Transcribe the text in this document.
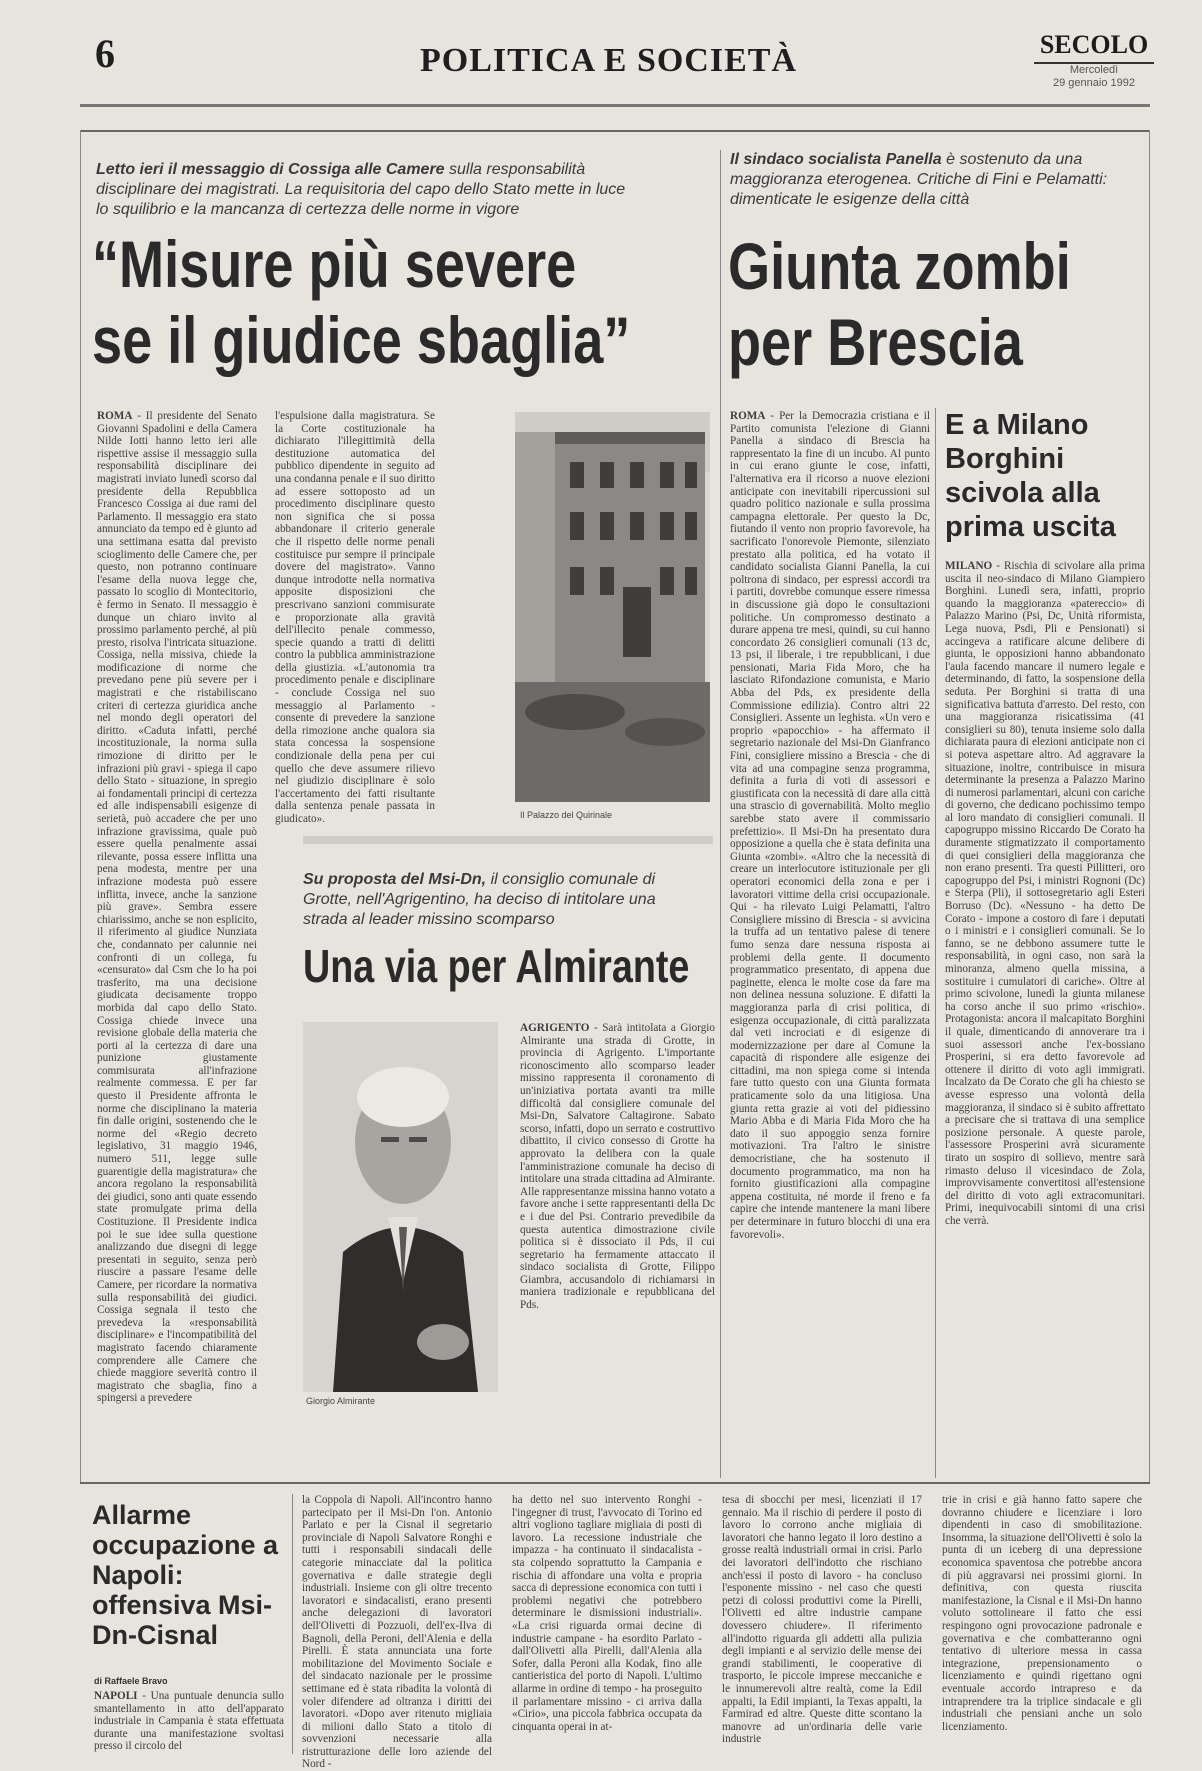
6	POLITICA E SOCIETÀ	SECOLO
Mercoledì
29 gennaio 1992
Letto ieri il messaggio di Cossiga alle Camere sulla responsabilità disciplinare dei magistrati. La requisitoria del capo dello Stato mette in luce lo squilibrio e la mancanza di certezza delle norme in vigore
“Misure più severe
se il giudice sbaglia”

ROMA - Il presidente del Senato Giovanni Spadolini e della Camera Nilde Iotti hanno letto ieri alle rispettive assise il messaggio sulla responsabilità disciplinare dei magistrati inviato lunedì scorso dal presidente della Repubblica Francesco Cossiga ai due rami del Parlamento. Il messaggio era stato annunciato da tempo ed è giunto ad una settimana esatta dal previsto scioglimento delle Camere che, per questo, non potranno continuare l'esame della nuova legge che, passato lo scoglio di Montecitorio, è fermo in Senato. Il messaggio è dunque un chiaro invito al prossimo parlamento perché, al più presto, risolva l'intricata situazione. Cossiga, nella missiva, chiede la modificazione di norme che prevedano pene più severe per i magistrati e che ristabiliscano criteri di certezza giuridica anche nel mondo degli operatori del diritto. «Caduta infatti, perché incostituzionale, la norma sulla rimozione di diritto per le infrazioni più gravi - spiega il capo dello Stato - situazione, in spregio ai fondamentali principi di certezza ed alle indispensabili esigenze di serietà, può accadere che per uno infrazione gravissima, quale può essere quella penalmente assai rilevante, possa essere inflitta una pena modesta, mentre per una infrazione modesta può essere inflitta, invece, anche la sanzione più grave». Sembra essere chiarissimo, anche se non esplicito, il riferimento al giudice Nunziata che, condannato per calunnie nei confronti di un collega, fu «censurato» dal Csm che lo ha poi trasferito, ma una decisione giudicata decisamente troppo morbida dal capo dello Stato. Cossiga chiede invece una revisione globale della materia che porti al la certezza di dare una punizione giustamente commisurata all'infrazione realmente commessa. E per far questo il Presidente affronta le norme che disciplinano la materia fin dalle origini, sostenendo che le norme del «Regio decreto legislativo, 31 maggio 1946, numero 511, legge sulle guarentigie della magistratura» che ancora regolano la responsabilità dei giudici, sono anti quate essendo state promulgate prima della Costituzione. Il Presidente indica poi le sue idee sulla questione analizzando due disegni di legge presentati in seguito, senza però riuscire a passare l'esame delle Camere, per ricordare la normativa sulla responsabilità dei giudici. Cossiga segnala il testo che prevedeva la «responsabilità disciplinare» e l'incompatibilità del magistrato facendo chiaramente comprendere alle Camere che chiede maggiore severità contro il magistrato che sbaglia, fino a spingersi a prevedere

l'espulsione dalla magistratura. Se la Corte costituzionale ha dichiarato l'illegittimità della destituzione automatica del pubblico dipendente in seguito ad una condanna penale e il suo diritto ad essere sottoposto ad un procedimento disciplinare questo non significa che si possa abbandonare il criterio generale che il rispetto delle norme penali costituisce pur sempre il principale dovere del magistrato». Vanno dunque introdotte nella normativa apposite disposizioni che prescrivano sanzioni commisurate e proporzionate alla gravità dell'illecito penale commesso, specie quando a tratti di delitti contro la pubblica amministrazione della giustizia. «L'autonomia tra procedimento penale e disciplinare - conclude Cossiga nel suo messaggio al Parlamento - consente di prevedere la sanzione della rimozione anche qualora sia stata concessa la sospensione condizionale della pena per cui quello che deve assumere rilievo nel giudizio disciplinare è solo l'accertamento dei fatti risultante dalla sentenza penale passata in giudicato».	Il Palazzo del Quirinale
Su proposta del Msi-Dn, il consiglio comunale di Grotte, nell'Agrigentino, ha deciso di intitolare una strada al leader missino scomparso
Una via per Almirante
Giorgio Almirante

AGRIGENTO - Sarà intitolata a Giorgio Almirante una strada di Grotte, in provincia di Agrigento. L'importante riconoscimento allo scomparso leader missino rappresenta il coronamento di un'iniziativa portata avanti tra mille difficoltà dal consigliere comunale del Msi-Dn, Salvatore Caltagirone. Sabato scorso, infatti, dopo un serrato e costruttivo dibattito, il civico consesso di Grotte ha approvato la delibera con la quale l'amministrazione comunale ha deciso di intitolare una strada cittadina ad Almirante. Alle rappresentanze missina hanno votato a favore anche i sette rappresentanti della Dc e i due del Psi. Contrario prevedibile da questa autentica dimostrazione civile politica si è dissociato il Pds, il cui segretario ha fermamente attaccato il sindaco socialista di Grotte, Filippo Giambra, accusandolo di richiamarsi in maniera tradizionale e repubblicana del Pds.

Il sindaco socialista Panella è sostenuto da una maggioranza eterogenea. Critiche di Fini e Pelamatti: dimenticate le esigenze della città
Giunta zombi
per Brescia

ROMA - Per la Democrazia cristiana e il Partito comunista l'elezione di Gianni Panella a sindaco di Brescia ha rappresentato la fine di un incubo. Al punto in cui erano giunte le cose, infatti, l'alternativa era il ricorso a nuove elezioni anticipate con inevitabili ripercussioni sul quadro politico nazionale e sulla prossima campagna elettorale. Per questo la Dc, fiutando il vento non proprio favorevole, ha sacrificato l'onorevole Piemonte, silenziato prestato alla politica, ed ha votato il candidato socialista Gianni Panella, la cui poltrona di sindaco, per espressi accordi tra i partiti, dovrebbe comunque essere rimessa in discussione già dopo le consultazioni politiche. Un compromesso destinato a durare appena tre mesi, quindi, su cui hanno concordato 26 consiglieri comunali (13 dc, 13 psi, il liberale, i tre repubblicani, i due pensionati, Maria Fida Moro, che ha lasciato Rifondazione comunista, e Mario Abba del Pds, ex presidente della Commissione edilizia). Contro altri 22 Consiglieri. Assente un leghista. «Un vero e proprio «papocchio» - ha affermato il segretario nazionale del Msi-Dn Gianfranco Fini, consigliere missino a Brescia - che di vita ad una compagine senza programma, definita a furia di voti di assessori e giustificata con la necessità di dare alla città una strascio di governabilità. Molto meglio sarebbe stato avere il commissario prefettizio». Il Msi-Dn ha presentato dura opposizione a quella che è stata definita una Giunta «zombi». «Altro che la necessità di creare un interlocutore istituzionale per gli operatori economici della zona e per i lavoratori vittime della crisi occupazionale. Qui - ha rilevato Luigi Pelamatti, l'altro Consigliere missino di Brescia - si avvicina la truffa ad un tentativo palese di tenere fumo senza dare nessuna risposta ai problemi della gente. Il documento programmatico presentato, di appena due paginette, elenca le molte cose da fare ma non delinea nessuna soluzione. E difatti la maggioranza parla di crisi politica, di esigenza occupazionale, di città paralizzata dal veti incrociati e di esigenze di modernizzazione per dare al Comune la capacità di rispondere alle esigenze dei cittadini, ma non spiega come si intenda fare tutto questo con una Giunta formata praticamente solo da una litigiosa. Una giunta retta grazie ai voti del pidiessino Mario Abba e di Maria Fida Moro che ha dato il suo appoggio senza fornire motivazioni. Tra l'altro le sinistre democristiane, che ha sostenuto il documento programmatico, ma non ha fornito giustificazioni alla compagine appena costituita, né morde il freno e fa capire che intende mantenere la mani libere per determinare in futuro blocchi di una era favorevoli».

E a Milano Borghini scivola alla prima uscita

MILANO - Rischia di scivolare alla prima uscita il neo-sindaco di Milano Giampiero Borghini. Lunedì sera, infatti, proprio quando la maggioranza «patereccio» di Palazzo Marino (Psi, Dc, Unità riformista, Lega nuova, Psdi, Pli e Pensionati) si accingeva a ratificare alcune delibere di giunta, le opposizioni hanno abbandonato l'aula facendo mancare il numero legale e determinando, di fatto, la sospensione della seduta. Per Borghini si tratta di una significativa battuta d'arresto. Del resto, con una maggioranza risicatissima (41 consiglieri su 80), tenuta insieme solo dalla dichiarata paura di elezioni anticipate non ci si poteva aspettare altro. Ad aggravare la situazione, inoltre, contribuisce in misura determinante la presenza a Palazzo Marino di numerosi parlamentari, alcuni con cariche di governo, che dedicano pochissimo tempo al loro mandato di consiglieri comunali. Il capogruppo missino Riccardo De Corato ha duramente stigmatizzato il comportamento di quei consiglieri della maggioranza che non erano presenti. Tra questi Pillitteri, oro capogruppo del Psi, i ministri Rognoni (Dc) e Sterpa (Pli), il sottosegretario agli Esteri Borruso (Dc). «Nessuno - ha detto De Corato - impone a costoro di fare i deputati o i ministri e i consiglieri comunali. Se lo fanno, se ne debbono assumere tutte le responsabilità, in ogni caso, non sarà la minoranza, almeno quella missina, a sostituire i cumulatori di cariche». Oltre al primo scivolone, lunedì la giunta milanese ha corso anche il suo primo «rischio». Protagonista: ancora il malcapitato Borghini il quale, dimenticando di annoverare tra i suoi assessori anche l'ex-bossiano Prosperini, si era detto favorevole ad ottenere il diritto di voto agli immigrati. Incalzato da De Corato che gli ha chiesto se avesse espresso una volontà della maggioranza, il sindaco si è subito affrettato a precisare che si trattava di una semplice posizione personale. A queste parole, l'assessore Prosperini avrà sicuramente tirato un sospiro di sollievo, mentre sarà rimasto deluso il vicesindaco de Zola, improvvisamente convertitosi all'estensione del diritto di voto agli extracomunitari. Primi, inequivocabili sintomi di una crisi che verrà.

Allarme occupazione a Napoli: offensiva Msi-Dn-Cisnal
di Raffaele Bravo

NAPOLI - Una puntuale denuncia sullo smantellamento in atto dell'apparato industriale in Campania è stata effettuata durante una manifestazione svoltasi presso il circolo del

la Coppola di Napoli. All'incontro hanno partecipato per il Msi-Dn l'on. Antonio Parlato e per la Cisnal il segretario provinciale di Napoli Salvatore Ronghi e tutti i responsabili sindacali delle categorie minacciate dal la politica governativa e dalle strategie degli industriali. Insieme con gli oltre trecento lavoratori e sindacalisti, erano presenti anche delegazioni di lavoratori dell'Olivetti di Pozzuoli, dell'ex-Ilva di Bagnoli, della Peroni, dell'Alenia e della Pirelli. È stata annunciata una forte mobilitazione del Movimento Sociale e del sindacato nazionale per le prossime settimane ed è stata ribadita la volontà di voler difendere ad oltranza i diritti dei lavoratori. «Dopo aver ritenuto migliaia di milioni dallo Stato a titolo di sovvenzioni necessarie alla ristrutturazione delle loro aziende del Nord -

ha detto nel suo intervento Ronghi - l'ingegner di trust, l'avvocato di Torino ed altri vogliono tagliare migliaia di posti di lavoro. La recessione industriale che impazza - ha continuato il sindacalista - sta colpendo soprattutto la Campania e rischia di affondare una volta e propria sacca di depressione economica con tutti i problemi negativi che potrebbero determinare le dismissioni industriali». «La crisi riguarda ormai decine di industrie campane - ha esordito Parlato - dall'Olivetti alla Pirelli, dall'Alenia alla Sofer, dalla Peroni alla Kodak, fino alle cantieristica del porto di Napoli. L'ultimo allarme in ordine di tempo - ha proseguito il parlamentare missino - ci arriva dalla «Cirio», una piccola fabbrica occupata da cinquanta operai in at-

tesa di sbocchi per mesi, licenziati il 17 gennaio. Ma il rischio di perdere il posto di lavoro lo corrono anche migliaia di lavoratori che hanno legato il loro destino a grosse realtà industriali ormai in crisi. Parlo dei lavoratori dell'indotto che rischiano anch'essi il posto di lavoro - ha concluso l'esponente missino - nel caso che questi petzi di colossi produttivi come la Pirelli, l'Olivetti ed altre industrie campane dovessero chiudere». Il riferimento all'indotto riguarda gli addetti alla pulizia degli impianti e al servizio delle mense dei grandi stabilimenti, le cooperative di trasporto, le piccole imprese meccaniche e le innumerevoli altre realtà, come la Edil appalti, la Edil impianti, la Texas appalti, la Farmirad ed altre. Queste ditte scontano la manovre ad un'ordinaria delle varie industrie

trie in crisi e già hanno fatto sapere che dovranno chiudere e licenziare i loro dipendenti in caso di smobilitazione. Insomma, la situazione dell'Olivetti è solo la punta di un iceberg di una depressione economica spaventosa che potrebbe ancora di più aggravarsi nei prossimi giorni. In definitiva, con questa riuscita manifestazione, la Cisnal e il Msi-Dn hanno voluto sottolineare il fatto che essi respingono ogni provocazione padronale e governativa e che combatteranno ogni tentativo di ulteriore messa in cassa integrazione, prepensionamento o licenziamento e quindi rigettano ogni eventuale accordo intrapreso e da intraprendere tra la triplice sindacale e gli industriali che pensiani anche un solo licenziamento.
